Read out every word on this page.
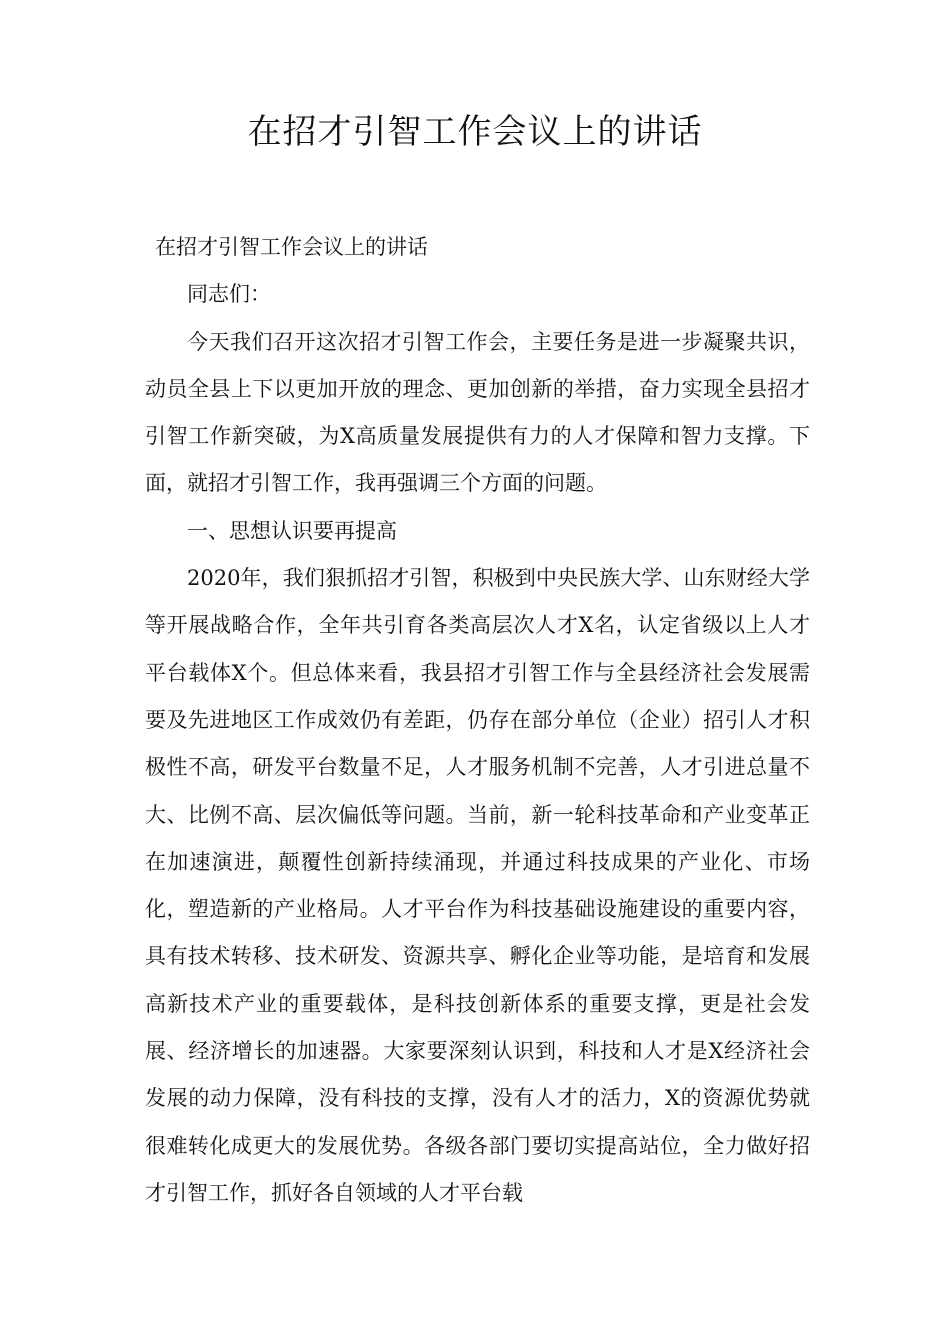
在招才引智工作会议上的讲话

在招才引智工作会议上的讲话

同志们：

今天我们召开这次招才引智工作会，主要任务是进一步凝聚共识，动员全县上下以更加开放的理念、更加创新的举措，奋力实现全县招才引智工作新突破，为X高质量发展提供有力的人才保障和智力支撑。下面，就招才引智工作，我再强调三个方面的问题。

一、思想认识要再提高

2020年，我们狠抓招才引智，积极到中央民族大学、山东财经大学等开展战略合作，全年共引育各类高层次人才X名，认定省级以上人才平台载体X个。但总体来看，我县招才引智工作与全县经济社会发展需要及先进地区工作成效仍有差距，仍存在部分单位（企业）招引人才积极性不高，研发平台数量不足，人才服务机制不完善，人才引进总量不大、比例不高、层次偏低等问题。当前，新一轮科技革命和产业变革正在加速演进，颠覆性创新持续涌现，并通过科技成果的产业化、市场化，塑造新的产业格局。人才平台作为科技基础设施建设的重要内容，具有技术转移、技术研发、资源共享、孵化企业等功能，是培育和发展高新技术产业的重要载体，是科技创新体系的重要支撑，更是社会发展、经济增长的加速器。大家要深刻认识到，科技和人才是X经济社会发展的动力保障，没有科技的支撑，没有人才的活力，X的资源优势就很难转化成更大的发展优势。各级各部门要切实提高站位，全力做好招才引智工作，抓好各自领域的人才平台载
